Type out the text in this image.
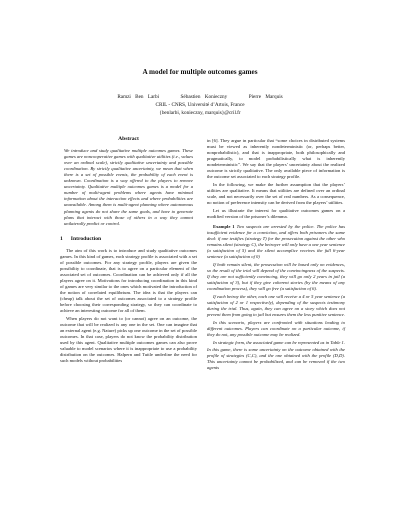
A model for multiple outcomes games
Ramzi Ben Larbi	Sébastien Konieczny	Pierre Marquis
CRIL - CNRS, Université d’Artois, France
{benlarbi, konieczny, marquis}@cril.fr
Abstract
We introduce and study qualitative multiple outcomes games. These games are noncooperative games with qualitative utilities (i.e., values over an ordinal scale), strictly qualitative uncertainty and possible coordination. By strictly qualitative uncertainty, we mean that when there is a set of possible events, the probability of each event is unknown. Coordination is a way offered to the players to remove uncertainty. Qualitative multiple outcomes games is a model for a number of multi-agent problems where agents have minimal information about the interaction effects and where probabilities are unavailable. Among them is multi-agent planning where autonomous planning agents do not share the same goals, and have to generate plans that interact with those of others in a way they cannot unilaterally predict or control.
1 Introduction
The aim of this work is to introduce and study qualitative outcomes games. In this kind of games, each strategy profile is associated with a set of possible outcomes. For any strategy profile, players are given the possibility to coordinate, that is to agree on a particular element of the associated set of outcomes. Coordination can be achieved only if all the players agree on it. Motivations for introducing coordination in this kind of games are very similar to the ones which motivated the introduction of the notion of correlated equilibrium. The idea is that the players can (cheap) talk about the set of outcomes associated to a strategy profile before choosing their corresponding strategy, so they can coordinate to achieve an interesting outcome for all of them.
When players do not want to (or cannot) agree on an outcome, the outcome that will be realized is any one in the set. One can imagine that an external agent (e.g. Nature) picks up one outcome in the set of possible outcomes. In that case, players do not know the probability distribution used by this agent. Qualitative multiple outcomes games can also prove valuable to model scenarios where it is inappropriate to use a probability distribution on the outcomes. Halpern and Tuttle underline the need for such models without probabilities
in [6]. They argue in particular that “some choices in distributed systems must be viewed as inherently nondeterministic (or, perhaps better, nonprobabilistic), and that is inappropriate, both philosophically and pragmatically, to model probabilistically what is inherently nondeterministic”. We say that the players’ uncertainty about the realized outcome is strictly qualitative. The only available piece of information is the outcome set associated to each strategy profile.
In the following, we make the further assumption that the players’ utilities are qualitative. It means that utilities are defined over an ordinal scale, and not necessarily over the set of real numbers. As a consequence, no notion of preference intensity can be derived from the players’ utilities.
Let us illustrate the interest for qualitative outcomes games on a modified version of the prisoner’s dilemma.
Example 1 Two suspects are arrested by the police. The police has insufficient evidence for a conviction, and offers both prisoners the same deal: if one testifies (strategy T) for the prosecution against the other who remains silent (strategy C), the betrayer will only have a one year sentence (a satisfaction of 5) and the silent accomplice receives the full 6-year sentence (a satisfaction of 0)
If both remain silent, the prosecution will be based only on evidences, so the result of the trial will depend of the convincingness of the suspects. If they are not sufficiently convincing, they will go only 2 years in jail (a satisfaction of 3), but if they give coherent stories (by the means of any coordination process), they will go free (a satisfaction of 6).
If each betray the other, each one will receive a 4 or 5 year sentence (a satisfaction of 2 or 1 respectively), depending of the suspects testimony during the trial. Thus, again, they can agree on a story which does not prevent them from going to jail but ensures them the less punitive sentence.
In this scenario, players are confronted with situations leading to different outcomes. Players can coordinate on a particular outcome, if they do not, any possible outcome may be realized.
In strategic form, the associated game can be represented as in Table 1. In this game, there is some uncertainty on the outcome obtained with the profile of strategies (C,C), and the one obtained with the profile (D,D). This uncertainty cannot be probabilized, and can be removed if the two agents
